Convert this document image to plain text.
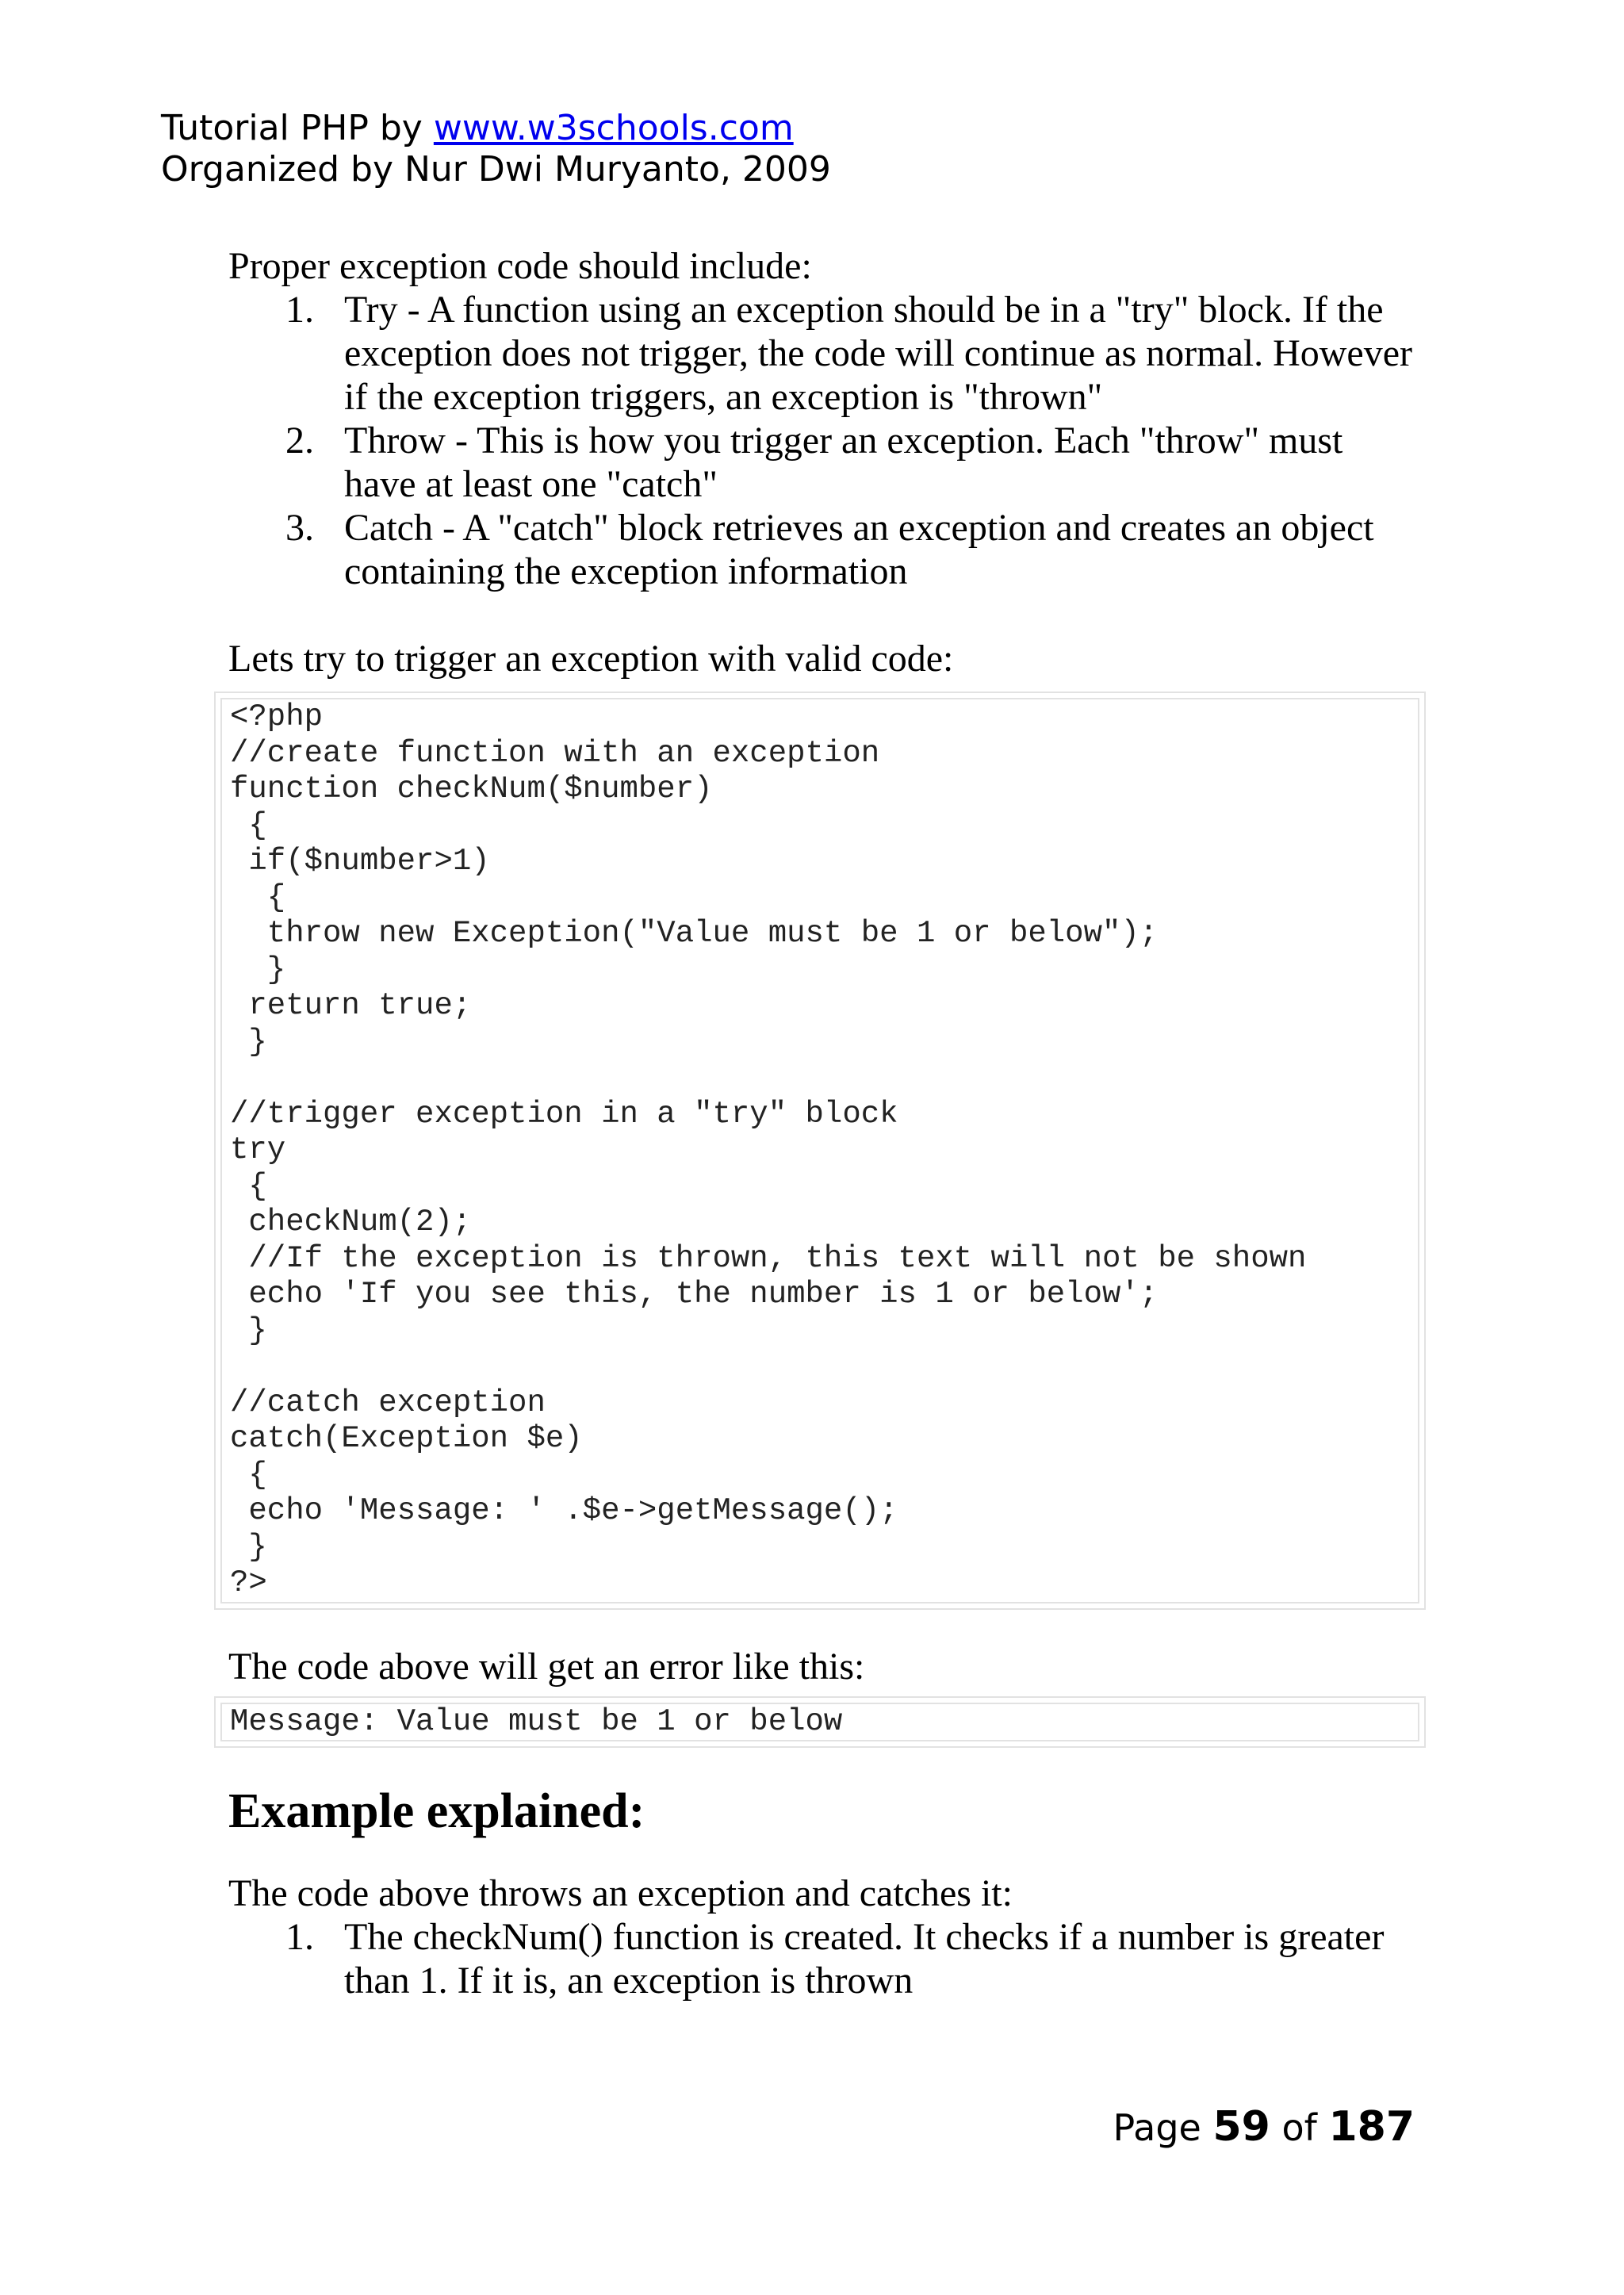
Tutorial PHP by www.w3schools.com
Organized by Nur Dwi Muryanto, 2009

Proper exception code should include:

1. Try - A function using an exception should be in a "try" block. If the exception does not trigger, the code will continue as normal. However if the exception triggers, an exception is "thrown"
2. Throw - This is how you trigger an exception. Each "throw" must have at least one "catch"
3. Catch - A "catch" block retrieves an exception and creates an object containing the exception information

Lets try to trigger an exception with valid code:

<?php
//create function with an exception
function checkNum($number)
{
if($number>1)
{
throw new Exception("Value must be 1 or below");
}
return true;
}

//trigger exception in a "try" block
try
{
checkNum(2);
//If the exception is thrown, this text will not be shown
echo 'If you see this, the number is 1 or below';
}

//catch exception
catch(Exception $e)
{
echo 'Message: ' .$e->getMessage();
}
?>

The code above will get an error like this:

Message: Value must be 1 or below
Example explained:

The code above throws an exception and catches it:

1. The checkNum() function is created. It checks if a number is greater than 1. If it is, an exception is thrown
Page 59 of 187
